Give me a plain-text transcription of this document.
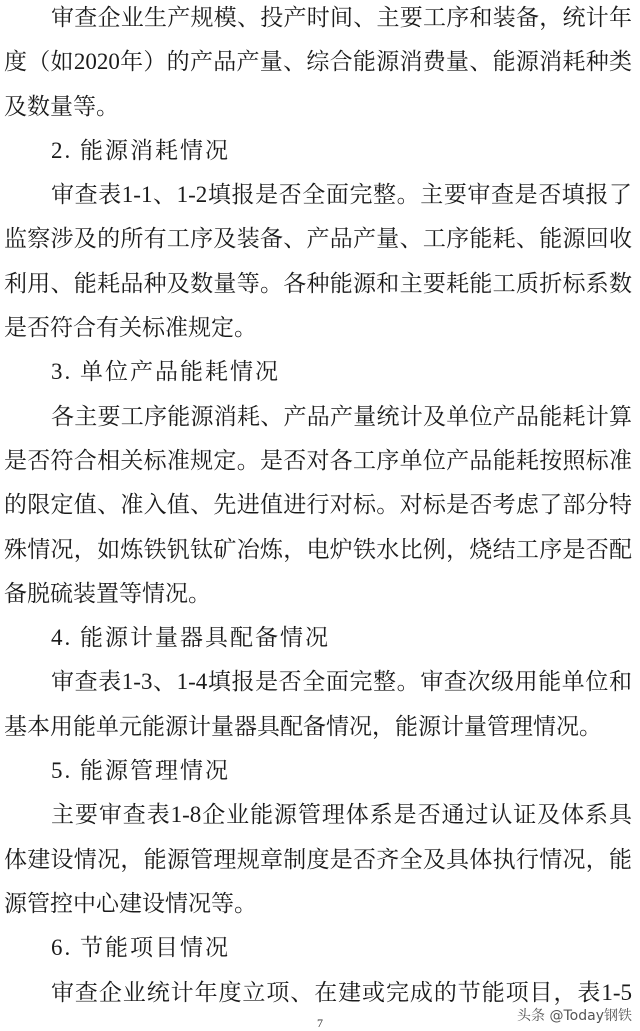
审查企业生产规模、投产时间、主要工序和装备，统计年
度（如2020年）的产品产量、综合能源消费量、能源消耗种类
及数量等。
2. 能源消耗情况
审查表1-1、1-2填报是否全面完整。主要审查是否填报了
监察涉及的所有工序及装备、产品产量、工序能耗、能源回收
利用、能耗品种及数量等。各种能源和主要耗能工质折标系数
是否符合有关标准规定。
3. 单位产品能耗情况
各主要工序能源消耗、产品产量统计及单位产品能耗计算
是否符合相关标准规定。是否对各工序单位产品能耗按照标准
的限定值、准入值、先进值进行对标。对标是否考虑了部分特
殊情况，如炼铁钒钛矿冶炼，电炉铁水比例，烧结工序是否配
备脱硫装置等情况。
4. 能源计量器具配备情况
审查表1-3、1-4填报是否全面完整。审查次级用能单位和
基本用能单元能源计量器具配备情况，能源计量管理情况。
5. 能源管理情况
主要审查表1-8企业能源管理体系是否通过认证及体系具
体建设情况，能源管理规章制度是否齐全及具体执行情况，能
源管控中心建设情况等。
6. 节能项目情况
审查企业统计年度立项、在建或完成的节能项目，表1-5
头条 @Today钢铁
7
